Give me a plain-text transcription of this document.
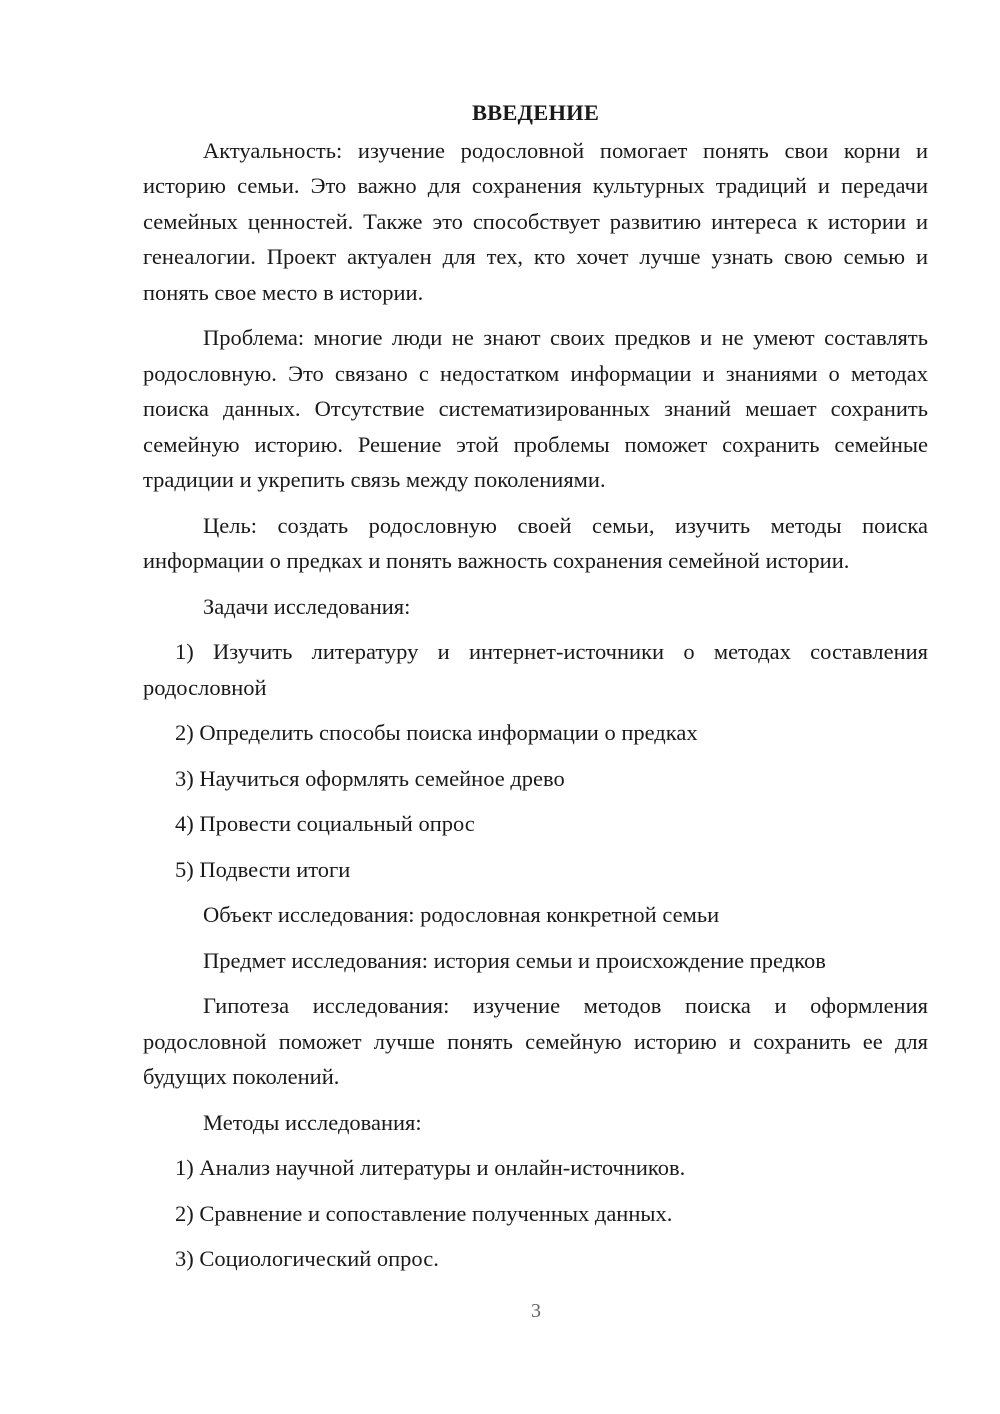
ВВЕДЕНИЕ

Актуальность: изучение родословной помогает понять свои корни и историю семьи. Это важно для сохранения культурных традиций и передачи семейных ценностей. Также это способствует развитию интереса к истории и генеалогии. Проект актуален для тех, кто хочет лучше узнать свою семью и понять свое место в истории.

Проблема: многие люди не знают своих предков и не умеют составлять родословную. Это связано с недостатком информации и знаниями о методах поиска данных. Отсутствие систематизированных знаний мешает сохранить семейную историю. Решение этой проблемы поможет сохранить семейные традиции и укрепить связь между поколениями.

Цель: создать родословную своей семьи, изучить методы поиска информации о предках и понять важность сохранения семейной истории.

Задачи исследования:

1) Изучить литературу и интернет-источники о методах составления родословной

2) Определить способы поиска информации о предках

3) Научиться оформлять семейное древо

4) Провести социальный опрос

5) Подвести итоги

Объект исследования: родословная конкретной семьи

Предмет исследования: история семьи и происхождение предков

Гипотеза исследования: изучение методов поиска и оформления родословной поможет лучше понять семейную историю и сохранить ее для будущих поколений.

Методы исследования:

1) Анализ научной литературы и онлайн-источников.

2) Сравнение и сопоставление полученных данных.

3) Социологический опрос.

3
